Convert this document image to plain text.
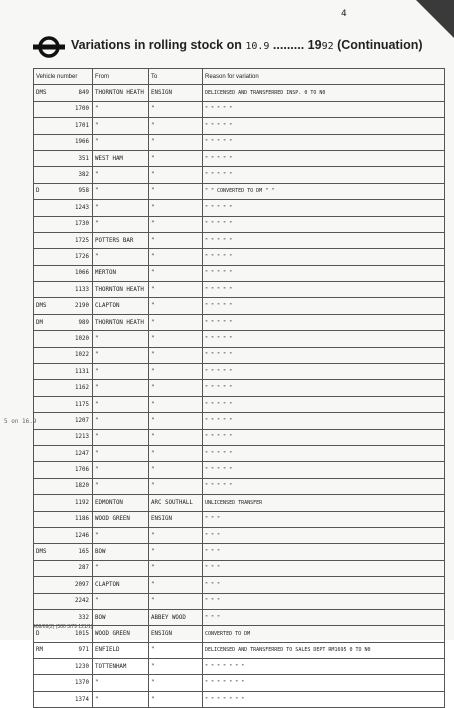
4
Variations in rolling stock on 10.9 ......... 1992 (Continuation)
Vehicle number	From	To	Reason for variation

DMS 849	THORNTON HEATH	ENSIGN	DELICENSED AND TRANSFERRED INSP. 0 TO N0

1700	"	"	" " " " "

1701	"	"	" " " " "

1966	"	"	" " " " "

351	WEST HAM	"	" " " " "

382	"	"	" " " " "

D 958	"	"	" " CONVERTED TO DM " "

1243	"	"	" " " " "

1730	"	"	" " " " "

1725	POTTERS BAR	"	" " " " "

1726	"	"	" " " " "

1066	MERTON	"	" " " " "

1133	THORNTON HEATH	"	" " " " "

DMS 2190	CLAPTON	"	" " " " "

DM 989	THORNTON HEATH	"	" " " " "

1020	"	"	" " " " "

1022	"	"	" " " " "

1131	"	"	" " " " "

1162	"	"	" " " " "

1175	"	"	" " " " "

1207	"	"	" " " " "

1213	"	"	" " " " "

1247	"	"	" " " " "

1706	"	"	" " " " "

1820	"	"	" " " " "

1192	EDMONTON	ARC SOUTHALL	UNLICENSED TRANSFER

1186	WOOD GREEN	ENSIGN	" " "

1246	"	"	" " "

DMS 165	BOW	"	" " "

287	"	"	" " "

2097	CLAPTON	"	" " "

2242	"	"	" " "

332	BOW	ABBEY WOOD	" " "

D 1015	WOOD GREEN	ENSIGN	CONVERTED TO DM

RM 971	ENFIELD	"	DELICENSED AND TRANSFERRED TO SALES DEPT RM1695 0 TO N0

1230	TOTTENHAM	"	" " " " " " "

1370	"	"	" " " " " " "

1374	"	"	" " " " " " "
5 on 16.9
408/69(2) (500 3/79 121/1)
